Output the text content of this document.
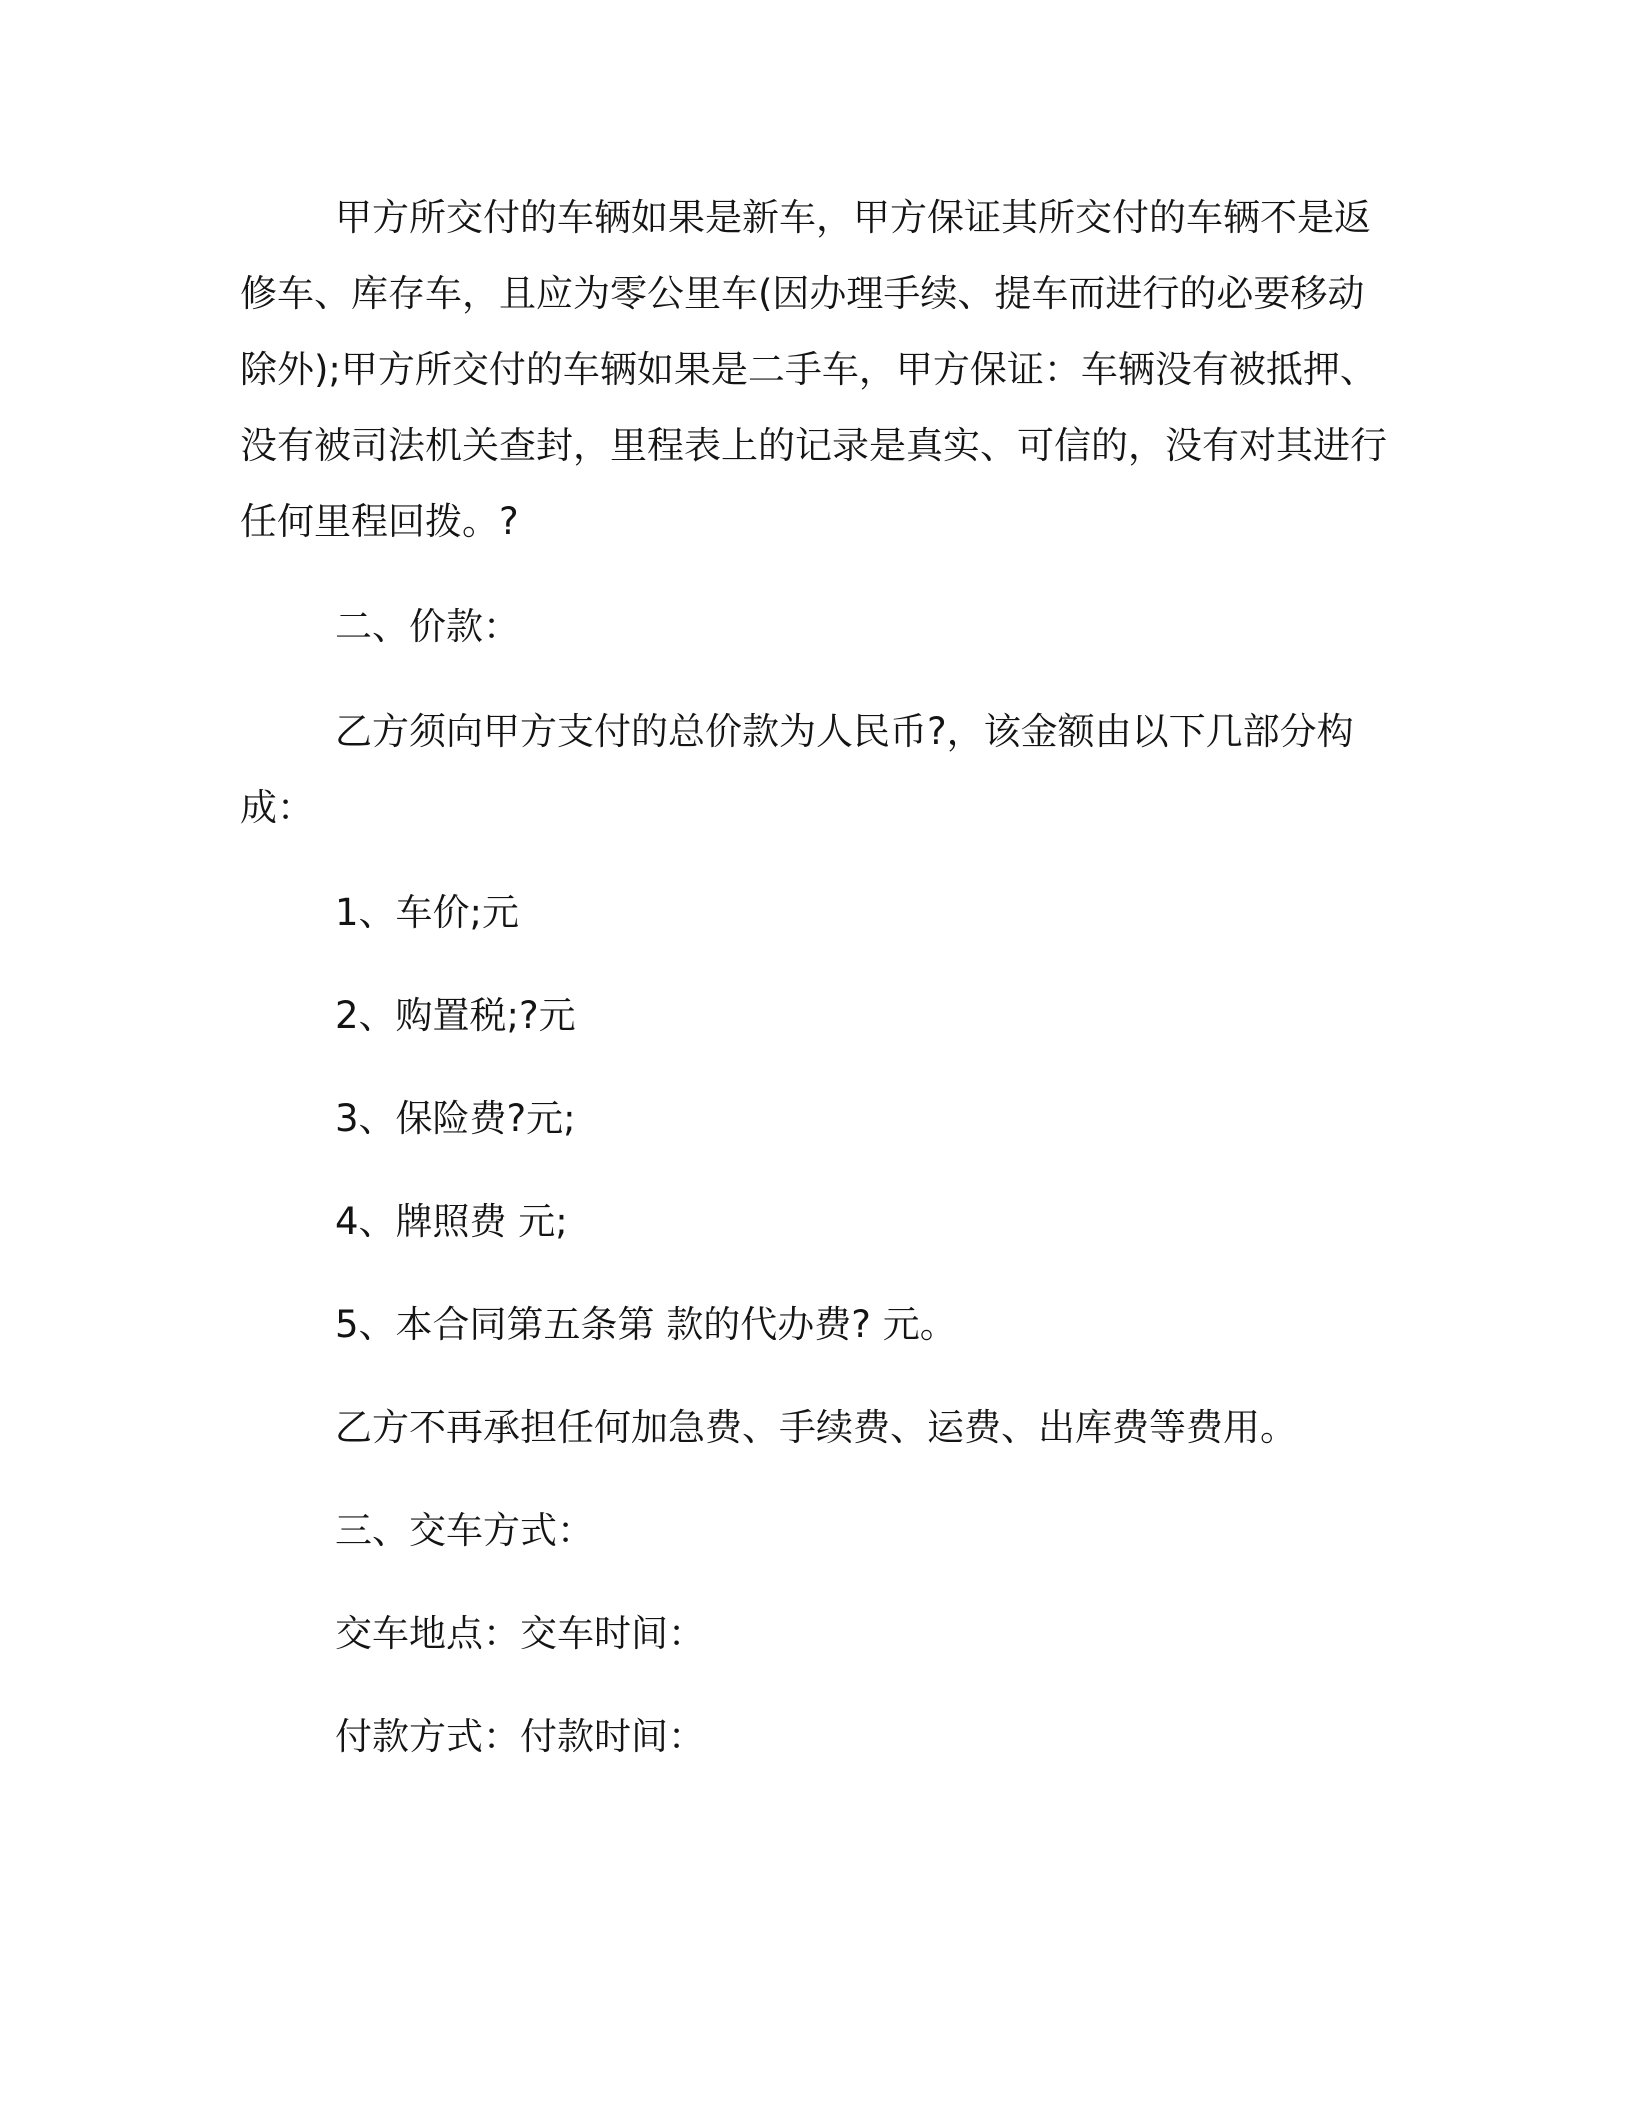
甲方所交付的车辆如果是新车，甲方保证其所交付的车辆不是返修车、库存车，且应为零公里车(因办理手续、提车而进行的必要移动除外);甲方所交付的车辆如果是二手车，甲方保证：车辆没有被抵押、没有被司法机关查封，里程表上的记录是真实、可信的，没有对其进行任何里程回拨。?

二、价款：

乙方须向甲方支付的总价款为人民币?，该金额由以下几部分构成：

1、车价;元
2、购置税;?元
3、保险费?元;
4、牌照费 元;
5、本合同第五条第 款的代办费? 元。
乙方不再承担任何加急费、手续费、运费、出库费等费用。
三、交车方式：
交车地点：交车时间：
付款方式：付款时间：
